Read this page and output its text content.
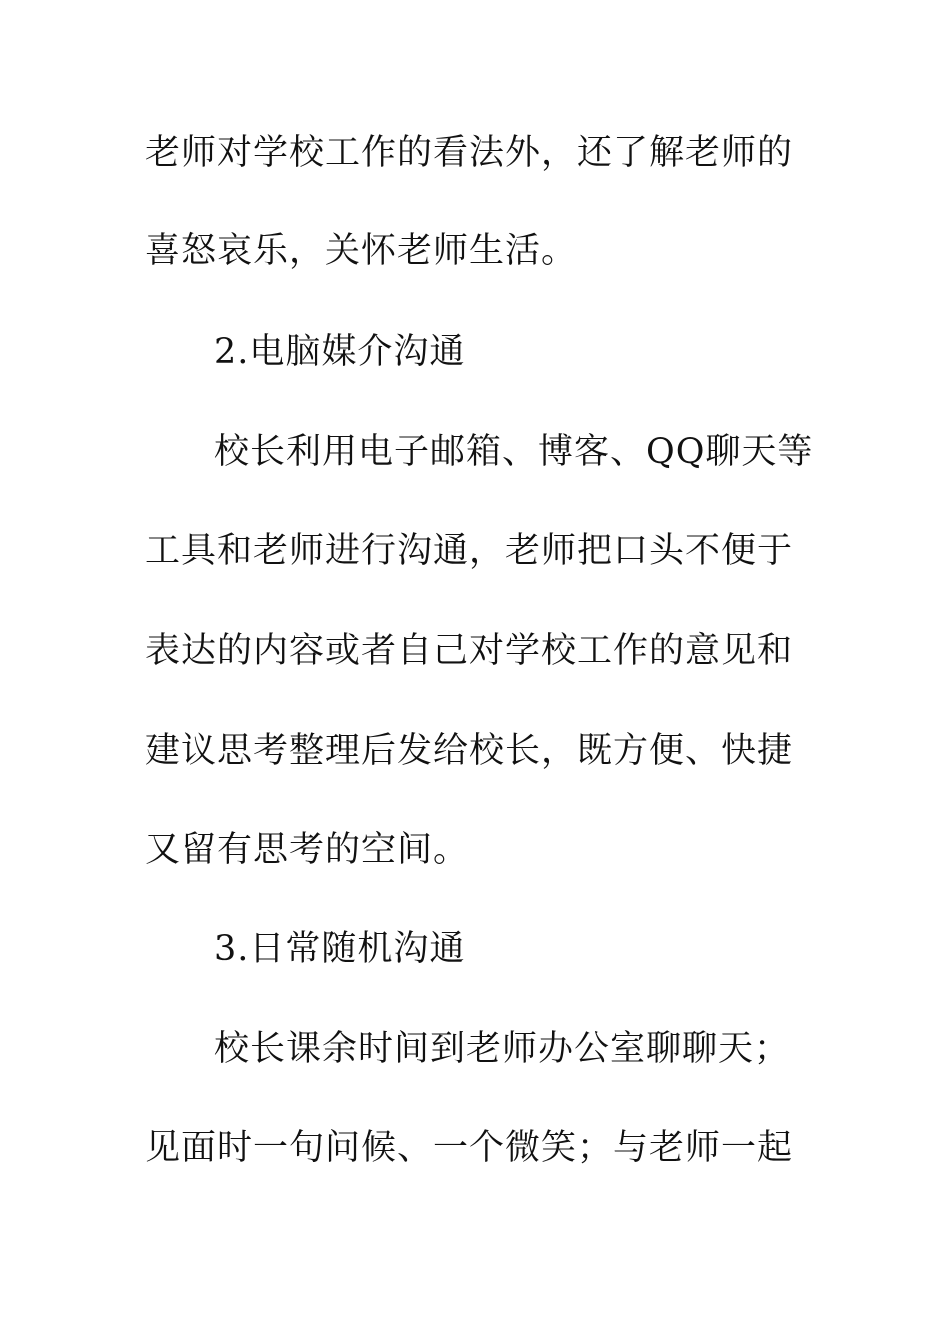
老师对学校工作的看法外，还了解老师的
喜怒哀乐，关怀老师生活。
2.电脑媒介沟通
校长利用电子邮箱、博客、QQ聊天等
工具和老师进行沟通，老师把口头不便于
表达的内容或者自己对学校工作的意见和
建议思考整理后发给校长，既方便、快捷
又留有思考的空间。
3.日常随机沟通
校长课余时间到老师办公室聊聊天；
见面时一句问候、一个微笑；与老师一起
